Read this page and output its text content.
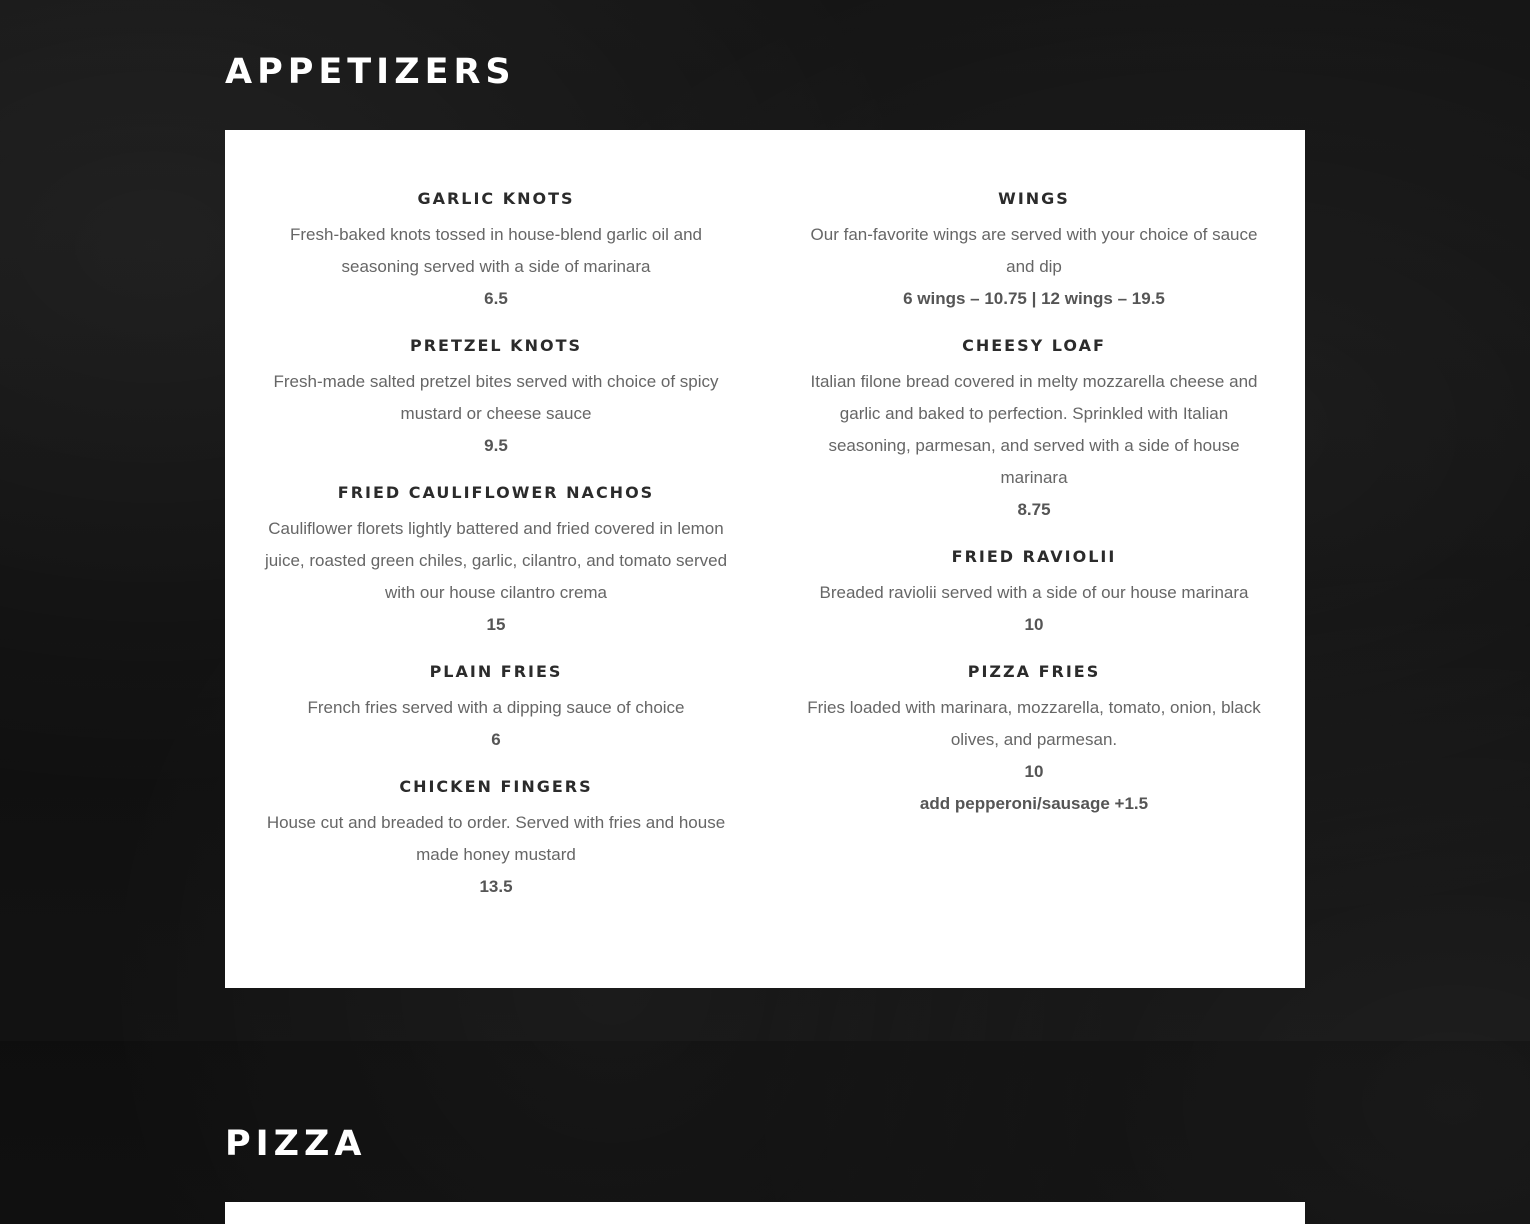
APPETIZERS
GARLIC KNOTS

Fresh-baked knots tossed in house-blend garlic oil and seasoning served with a side of marinara

6.5

PRETZEL KNOTS

Fresh-made salted pretzel bites served with choice of spicy mustard or cheese sauce

9.5

FRIED CAULIFLOWER NACHOS

Cauliflower florets lightly battered and fried covered in lemon juice, roasted green chiles, garlic, cilantro, and tomato served with our house cilantro crema

15

PLAIN FRIES

French fries served with a dipping sauce of choice

6

CHICKEN FINGERS

House cut and breaded to order. Served with fries and house made honey mustard

13.5

WINGS

Our fan-favorite wings are served with your choice of sauce and dip

6 wings – 10.75 | 12 wings – 19.5

CHEESY LOAF

Italian filone bread covered in melty mozzarella cheese and garlic and baked to perfection. Sprinkled with Italian seasoning, parmesan, and served with a side of house marinara

8.75

FRIED RAVIOLII

Breaded raviolii served with a side of our house marinara

10

PIZZA FRIES

Fries loaded with marinara, mozzarella, tomato, onion, black olives, and parmesan.

10

add pepperoni/sausage +1.5

PIZZA
